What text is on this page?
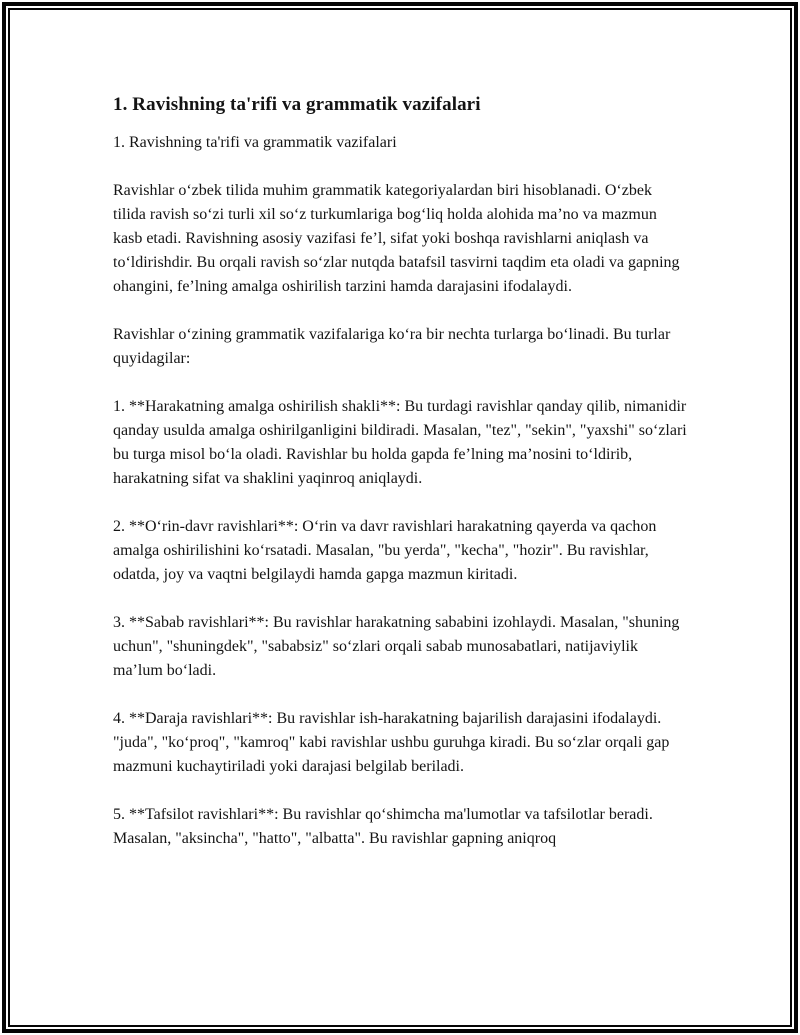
1. Ravishning ta'rifi va grammatik vazifalari

1. Ravishning ta'rifi va grammatik vazifalari

Ravishlar oʻzbek tilida muhim grammatik kategoriyalardan biri hisoblanadi. Oʻzbek tilida ravish soʻzi turli xil soʻz turkumlariga bogʻliq holda alohida ma’no va mazmun kasb etadi. Ravishning asosiy vazifasi fe’l, sifat yoki boshqa ravishlarni aniqlash va toʻldirishdir. Bu orqali ravish soʻzlar nutqda batafsil tasvirni taqdim eta oladi va gapning ohangini, fe’lning amalga oshirilish tarzini hamda darajasini ifodalaydi.

Ravishlar oʻzining grammatik vazifalariga koʻra bir nechta turlarga boʻlinadi. Bu turlar quyidagilar:

1. **Harakatning amalga oshirilish shakli**: Bu turdagi ravishlar qanday qilib, nimanidir qanday usulda amalga oshirilganligini bildiradi. Masalan, "tez", "sekin", "yaxshi" soʻzlari bu turga misol boʻla oladi. Ravishlar bu holda gapda fe’lning ma’nosini toʻldirib, harakatning sifat va shaklini yaqinroq aniqlaydi.

2. **Oʻrin-davr ravishlari**: Oʻrin va davr ravishlari harakatning qayerda va qachon amalga oshirilishini koʻrsatadi. Masalan, "bu yerda", "kecha", "hozir". Bu ravishlar, odatda, joy va vaqtni belgilaydi hamda gapga mazmun kiritadi.

3. **Sabab ravishlari**: Bu ravishlar harakatning sababini izohlaydi. Masalan, "shuning uchun", "shuningdek", "sababsiz" soʻzlari orqali sabab munosabatlari, natijaviylik ma’lum boʻladi.

4. **Daraja ravishlari**: Bu ravishlar ish-harakatning bajarilish darajasini ifodalaydi. "juda", "koʻproq", "kamroq" kabi ravishlar ushbu guruhga kiradi. Bu soʻzlar orqali gap mazmuni kuchaytiriladi yoki darajasi belgilab beriladi.

5. **Tafsilot ravishlari**: Bu ravishlar qoʻshimcha ma'lumotlar va tafsilotlar beradi. Masalan, "aksincha", "hatto", "albatta". Bu ravishlar gapning aniqroq
